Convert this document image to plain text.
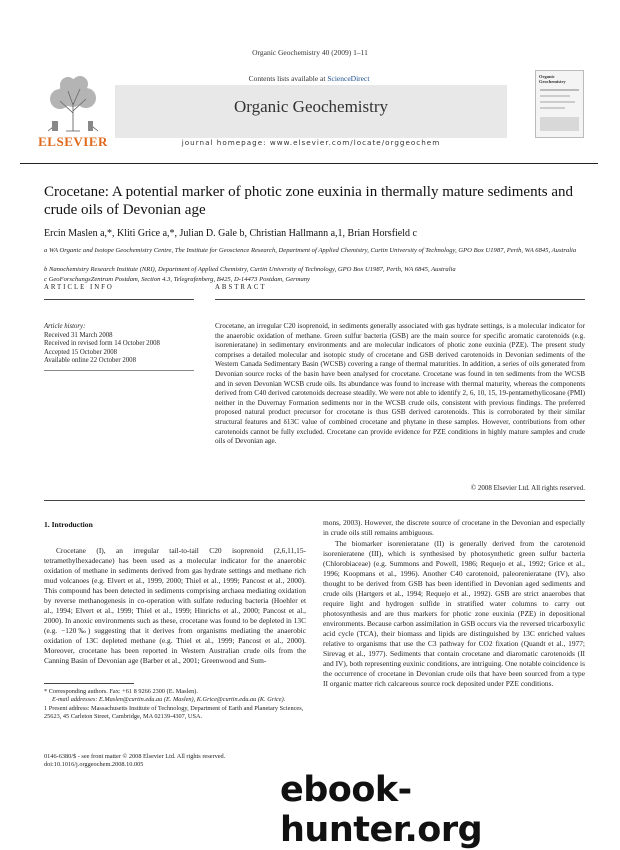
Organic Geochemistry 40 (2009) 1–11
ELSEVIER
Contents lists available at ScienceDirect
Organic Geochemistry
journal homepage: www.elsevier.com/locate/orggeochem
Organic Geochemistry
Crocetane: A potential marker of photic zone euxinia in thermally mature sediments and crude oils of Devonian age
Ercin Maslen a,*, Kliti Grice a,*, Julian D. Gale b, Christian Hallmann a,1, Brian Horsfield c
a WA Organic and Isotope Geochemistry Centre, The Institute for Geoscience Research, Department of Applied Chemistry, Curtin University of Technology, GPO Box U1987, Perth, WA 6845, Australia
b Nanochemistry Research Institute (NRI), Department of Applied Chemistry, Curtin University of Technology, GPO Box U1987, Perth, WA 6845, Australia
c GeoForschungsZentrum Postdam, Section 4.3, Telegrafenberg, B425, D-14473 Postdam, Germany
ARTICLE INFO	ABSTRACT
Article history:
Received 31 March 2008
Received in revised form 14 October 2008
Accepted 15 October 2008
Available online 22 October 2008
Crocetane, an irregular C20 isoprenoid, in sediments generally associated with gas hydrate settings, is a molecular indicator for the anaerobic oxidation of methane. Green sulfur bacteria (GSB) are the main source for specific aromatic carotenoids (e.g. isorenieratane) in sedimentary environments and are molecular indicators of photic zone euxinia (PZE). The present study comprises a detailed molecular and isotopic study of crocetane and GSB derived carotenoids in Devonian sediments of the Western Canada Sedimentary Basin (WCSB) covering a range of thermal maturities. In addition, a series of oils generated from Devonian source rocks of the basin have been analysed for crocetane. Crocetane was found in ten sediments from the WCSB and in seven Devonian WCSB crude oils. Its abundance was found to increase with thermal maturity, whereas the components derived from C40 derived carotenoids decrease steadily. We were not able to identify 2, 6, 10, 15, 19-pentamethylicosane (PMI) neither in the Duvernay Formation sediments nor in the WCSB crude oils, consistent with previous findings. The preferred proposed natural product precursor for crocetane is thus GSB derived carotenoids. This is corroborated by their similar structural features and δ13C value of combined crocetane and phytane in these samples. However, contributions from other carotenoids cannot be fully excluded. Crocetane can provide evidence for PZE conditions in highly mature samples and crude oils of Devonian age.
© 2008 Elsevier Ltd. All rights reserved.
1. Introduction
Crocetane (I), an irregular tail-to-tail C20 isoprenoid (2,6,11,15-tetramethylhexadecane) has been used as a molecular indicator for the anaerobic oxidation of methane in sediments derived from gas hydrate settings and methane rich mud volcanoes (e.g. Elvert et al., 1999, 2000; Thiel et al., 1999; Pancost et al., 2000). This compound has been detected in sediments comprising archaea mediating oxidation by reverse methanogenesis in co-operation with sulfate reducing bacteria (Hoehler et al., 1994; Elvert et al., 1999; Thiel et al., 1999; Hinrichs et al., 2000; Pancost et al., 2000). In anoxic environments such as these, crocetane was found to be depleted in 13C (e.g. −120‰) suggesting that it derives from organisms mediating the anaerobic oxidation of 13C depleted methane (e.g. Thiel et al., 1999; Pancost et al., 2000). Moreover, crocetane has been reported in Western Australian crude oils from the Canning Basin of Devonian age (Barber et al., 2001; Greenwood and Sum-
mons, 2003). However, the discrete source of crocetane in the Devonian and especially in crude oils still remains ambiguous.
The biomarker isorenieratane (II) is generally derived from the carotenoid isorenieratene (III), which is synthesised by photosynthetic green sulfur bacteria (Chlorobiaceae) (e.g. Summons and Powell, 1986; Requejo et al., 1992; Grice et al., 1996; Koopmans et al., 1996). Another C40 carotenoid, paleorenieratane (IV), also thought to be derived from GSB has been identified in Devonian aged sediments and crude oils (Hartgers et al., 1994; Requejo et al., 1992). GSB are strict anaerobes that require light and hydrogen sulfide in stratified water columns to carry out photosynthesis and are thus markers for photic zone euxinia (PZE) in depositional environments. Because carbon assimilation in GSB occurs via the reversed tricarboxylic acid cycle (TCA), their biomass and lipids are distinguished by 13C enriched values relative to organisms that use the C3 pathway for CO2 fixation (Quandt et al., 1977; Sirevag et al., 1977). Sediments that contain crocetane and diaromatic carotenoids (II and IV), both representing euxinic conditions, are intriguing. One notable coincidence is the occurrence of crocetane in Devonian crude oils that have been sourced from a type II organic matter rich calcareous source rock deposited under PZE conditions.
* Corresponding authors. Fax: +61 8 9266 2300 (E. Maslen).
E-mail addresses: E.Maslen@curtin.edu.au (E. Maslen), K.Grice@curtin.edu.au (K. Grice).
1 Present address: Massachusetts Institute of Technology, Department of Earth and Planetary Sciences, 25623, 45 Carleton Street, Cambridge, MA 02139-4307, USA.
0146-6380/$ - see front matter © 2008 Elsevier Ltd. All rights reserved.
doi:10.1016/j.orggeochem.2008.10.005
ebook-hunter.org
